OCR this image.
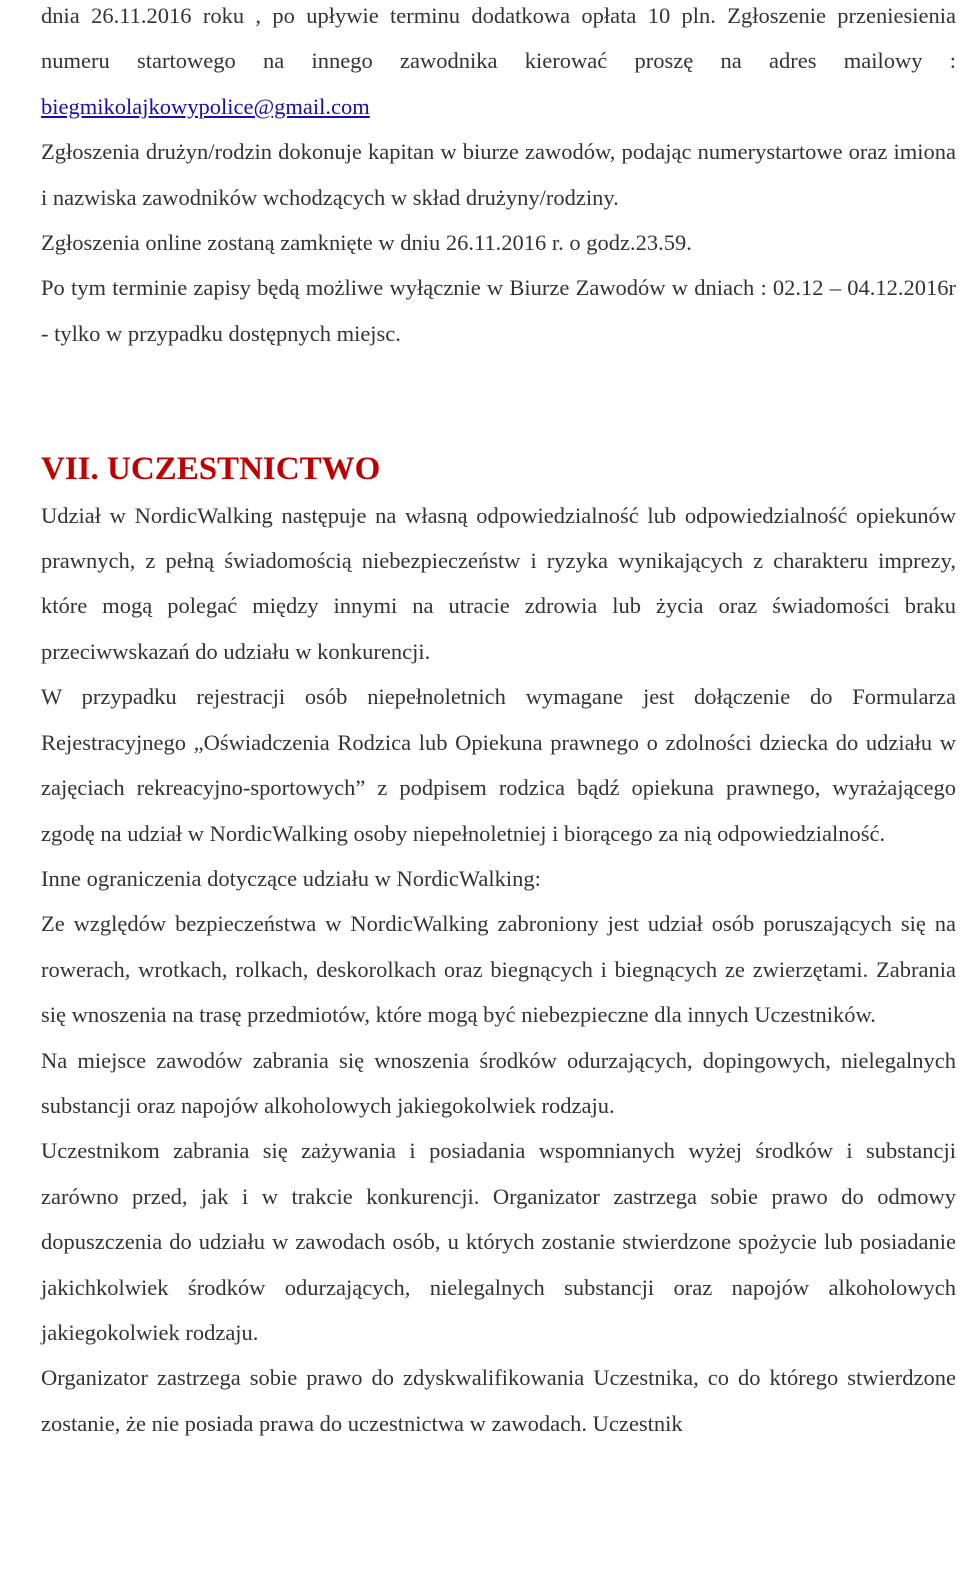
dnia 26.11.2016 roku , po upływie terminu dodatkowa opłata 10 pln. Zgłoszenie przeniesienia numeru startowego na innego zawodnika kierować proszę na adres mailowy : biegmikolajkowypolice@gmail.com

Zgłoszenia drużyn/rodzin dokonuje kapitan w biurze zawodów, podając numerystartowe oraz imiona i nazwiska zawodników wchodzących w skład drużyny/rodziny.

Zgłoszenia online zostaną zamknięte w dniu 26.11.2016 r. o godz.23.59.

Po tym terminie zapisy będą możliwe wyłącznie w Biurze Zawodów w dniach : 02.12 – 04.12.2016r - tylko w przypadku dostępnych miejsc.

VII. UCZESTNICTWO

Udział w NordicWalking następuje na własną odpowiedzialność lub odpowiedzialność opiekunów prawnych, z pełną świadomością niebezpieczeństw i ryzyka wynikających z charakteru imprezy, które mogą polegać między innymi na utracie zdrowia lub życia oraz świadomości braku przeciwwskazań do udziału w konkurencji.

W przypadku rejestracji osób niepełnoletnich wymagane jest dołączenie do Formularza Rejestracyjnego „Oświadczenia Rodzica lub Opiekuna prawnego o zdolności dziecka do udziału w zajęciach rekreacyjno-sportowych” z podpisem rodzica bądź opiekuna prawnego, wyrażającego zgodę na udział w NordicWalking osoby niepełnoletniej i biorącego za nią odpowiedzialność.

Inne ograniczenia dotyczące udziału w NordicWalking:

Ze względów bezpieczeństwa w NordicWalking zabroniony jest udział osób poruszających się na rowerach, wrotkach, rolkach, deskorolkach oraz biegnących i biegnących ze zwierzętami. Zabrania się wnoszenia na trasę przedmiotów, które mogą być niebezpieczne dla innych Uczestników.

Na miejsce zawodów zabrania się wnoszenia środków odurzających, dopingowych, nielegalnych substancji oraz napojów alkoholowych jakiegokolwiek rodzaju.

Uczestnikom zabrania się zażywania i posiadania wspomnianych wyżej środków i substancji zarówno przed, jak i w trakcie konkurencji. Organizator zastrzega sobie prawo do odmowy dopuszczenia do udziału w zawodach osób, u których zostanie stwierdzone spożycie lub posiadanie jakichkolwiek środków odurzających, nielegalnych substancji oraz napojów alkoholowych jakiegokolwiek rodzaju.

Organizator zastrzega sobie prawo do zdyskwalifikowania Uczestnika, co do którego stwierdzone zostanie, że nie posiada prawa do uczestnictwa w zawodach. Uczestnik
